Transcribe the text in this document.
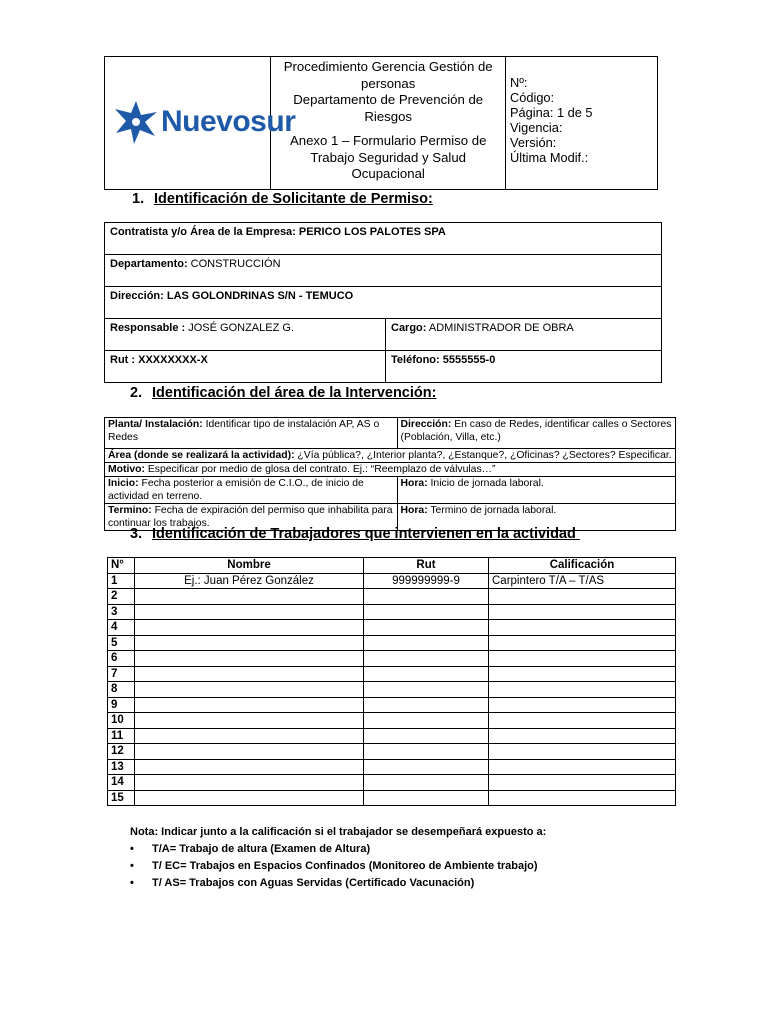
Nuevosur

Procedimiento Gerencia Gestión de
personas
Departamento de Prevención de
Riesgos
Anexo 1 – Formulario Permiso de
Trabajo Seguridad y Salud
Ocupacional

Nº:
Código:
Página: 1 de 5
Vigencia:
Versión:
Última Modif.:
1. Identificación de Solicitante de Permiso:
Contratista y/o Área de la Empresa: PERICO LOS PALOTES SPA	
Departamento: CONSTRUCCIÓN	
Dirección: LAS GOLONDRINAS S/N - TEMUCO	
Responsable : JOSÉ GONZALEZ G.	Cargo: ADMINISTRADOR DE OBRA
Rut : XXXXXXXX-X	Teléfono: 5555555-0
2. Identificación del área de la Intervención:
Planta/ Instalación: Identificar tipo de instalación AP, AS o Redes	Dirección: En caso de Redes, identificar calles o Sectores (Población, Villa, etc.)
Área (donde se realizará la actividad): ¿Vía pública?, ¿Interior planta?, ¿Estanque?, ¿Oficinas? ¿Sectores? Especificar.	
Motivo: Especificar por medio de glosa del contrato. Ej.: “Reemplazo de válvulas…”	
Inicio: Fecha posterior a emisión de C.I.O., de inicio de actividad en terreno.	Hora: Inicio de jornada laboral.
Termino: Fecha de expiración del permiso que inhabilita para continuar los trabajos.	Hora: Termino de jornada laboral.
3. Identificación de Trabajadores que intervienen en la actividad
N°	Nombre	Rut	Calificación
1	Ej.: Juan Pérez González	999999999-9	Carpintero T/A – T/AS
2			
3			
4			
5			
6			
7			
8			
9			
10			
11			
12			
13			
14			
15			
Nota: Indicar junto a la calificación si el trabajador se desempeñará expuesto a:
• T/A= Trabajo de altura (Examen de Altura)
• T/ EC= Trabajos en Espacios Confinados (Monitoreo de Ambiente trabajo)
• T/ AS= Trabajos con Aguas Servidas (Certificado Vacunación)
